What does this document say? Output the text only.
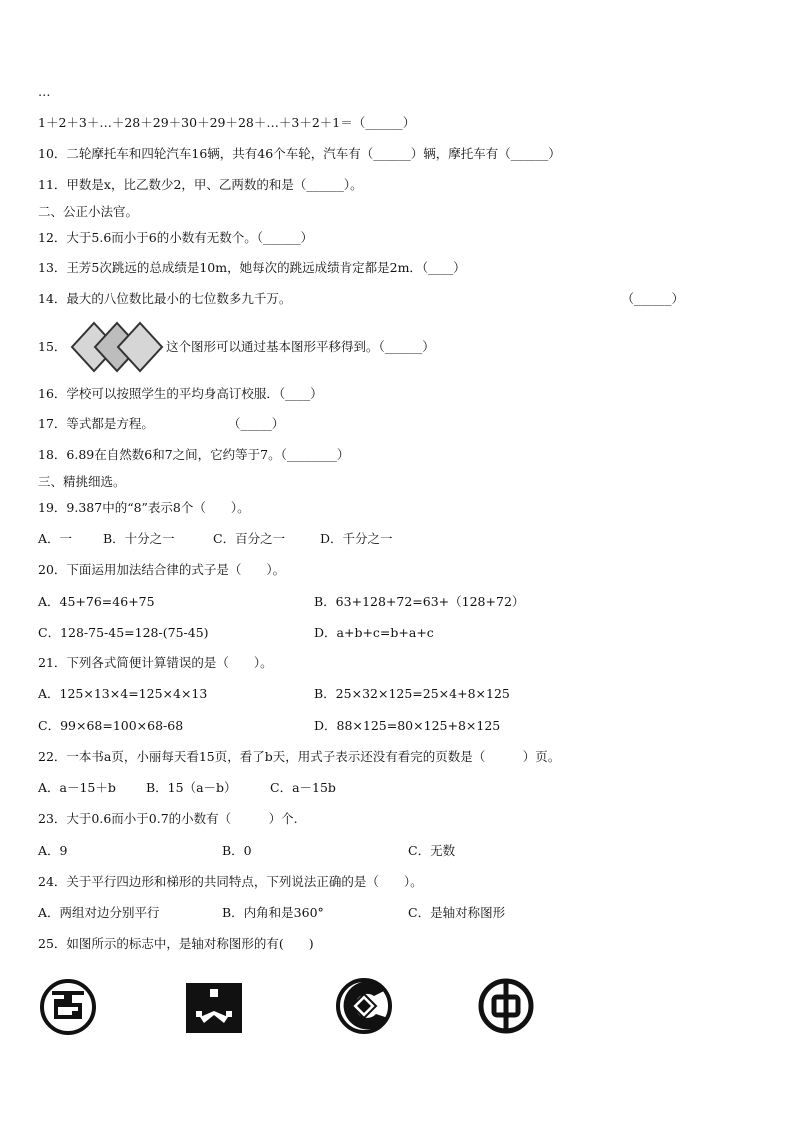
…
1＋2＋3＋…＋28＋29＋30＋29＋28＋…＋3＋2＋1＝（______）
10．二轮摩托车和四轮汽车16辆，共有46个车轮，汽车有（______）辆，摩托车有（______）
11．甲数是x，比乙数少2，甲、乙两数的和是（______）。
二、公正小法官。
12．大于5.6而小于6的小数有无数个。（______）
13．王芳5次跳远的总成绩是10m，她每次的跳远成绩肯定都是2m．（____）
14．最大的八位数比最小的七位数多九千万。	（______）
15．	这个图形可以通过基本图形平移得到。（______）
16．学校可以按照学生的平均身高订校服．（____）
17．等式都是方程。	（_____）
18．6.89在自然数6和7之间，它约等于7。（________）
三、精挑细选。
19．9.387中的“8”表示8个（　　）。
A．一 B．十分之一	C．百分之一	D．千分之一
20．下面运用加法结合律的式子是（　　）。
A．45+76=46+75	B．63+128+72=63+（128+72）
C．128-75-45=128-(75-45)	D．a+b+c=b+a+c
21．下列各式简便计算错误的是（　　）。
A．125×13×4=125×4×13	B．25×32×125=25×4+8×125
C．99×68=100×68-68	D．88×125=80×125+8×125
22．一本书a页，小丽每天看15页，看了b天，用式子表示还没有看完的页数是（　　　）页。
A．a－15＋b B．15（a－b）	C．a－15b
23．大于0.6而小于0.7的小数有（　　　）个.
A．9	B．0	C．无数
24．关于平行四边形和梯形的共同特点，下列说法正确的是（　　）。
A．两组对边分别平行	B．内角和是360°	C．是轴对称图形
25．如图所示的标志中，是轴对称图形的有(　　)
